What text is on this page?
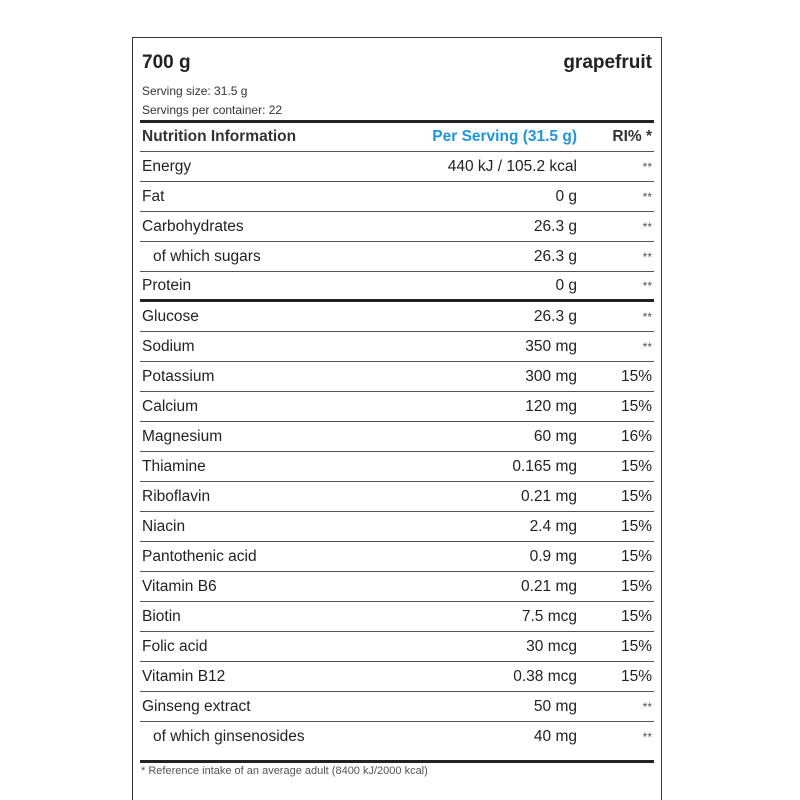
700 g	grapefruit
Serving size: 31.5 g
Servings per container: 22
Nutrition Information	Per Serving (31.5 g) RI% *
Energy	440 kJ / 105.2 kcal	**
Fat	0 g	**
Carbohydrates	26.3 g	**
of which sugars	26.3 g	**
Protein	0 g	**
Glucose	26.3 g	**
Sodium	350 mg	**
Potassium	300 mg	15%
Calcium	120 mg	15%
Magnesium	60 mg	16%
Thiamine	0.165 mg	15%
Riboflavin	0.21 mg	15%
Niacin	2.4 mg	15%
Pantothenic acid	0.9 mg	15%
Vitamin B6	0.21 mg	15%
Biotin	7.5 mcg	15%
Folic acid	30 mcg	15%
Vitamin B12	0.38 mcg	15%
Ginseng extract	50 mg	**
of which ginsenosides	40 mg	**
* Reference intake of an average adult (8400 kJ/2000 kcal)
